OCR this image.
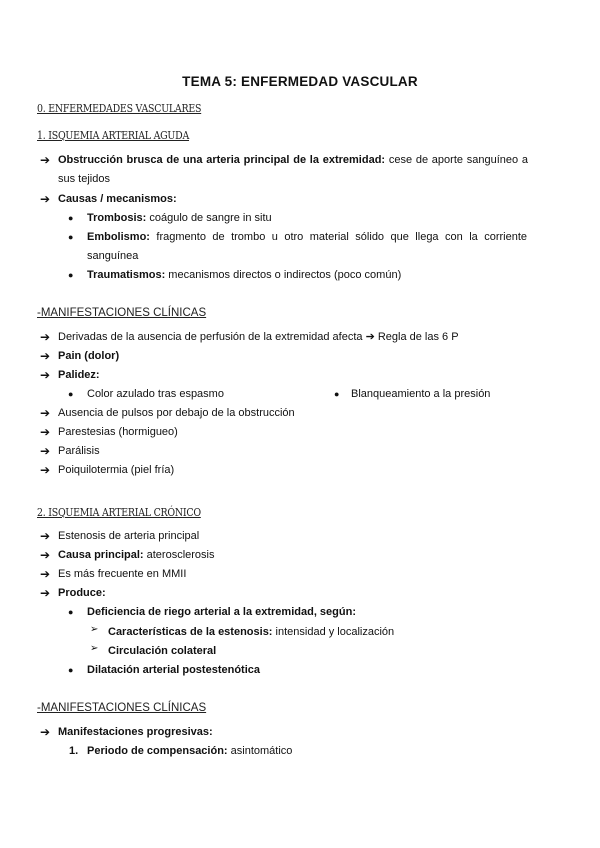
TEMA 5: ENFERMEDAD VASCULAR
0. ENFERMEDADES VASCULARES
1. ISQUEMIA ARTERIAL AGUDA
➔ Obstrucción brusca de una arteria principal de la extremidad: cese de aporte sanguíneo a sus tejidos
➔ Causas / mecanismos:
● Trombosis: coágulo de sangre in situ
● Embolismo: fragmento de trombo u otro material sólido que llega con la corriente sanguínea
● Traumatismos: mecanismos directos o indirectos (poco común)
-MANIFESTACIONES CLÍNICAS
➔ Derivadas de la ausencia de perfusión de la extremidad afecta ➔ Regla de las 6 P
➔ Pain (dolor)
➔ Palidez:
● Color azulado tras espasmo	● Blanqueamiento a la presión
➔ Ausencia de pulsos por debajo de la obstrucción
➔ Parestesias (hormigueo)
➔ Parálisis
➔ Poiquilotermia (piel fría)
2. ISQUEMIA ARTERIAL CRÓNICO
➔ Estenosis de arteria principal
➔ Causa principal: aterosclerosis
➔ Es más frecuente en MMII
➔ Produce:
● Deficiencia de riego arterial a la extremidad, según:
➢ Características de la estenosis: intensidad y localización
➢ Circulación colateral
● Dilatación arterial postestenótica
-MANIFESTACIONES CLÍNICAS
➔ Manifestaciones progresivas:
1. Periodo de compensación: asintomático
